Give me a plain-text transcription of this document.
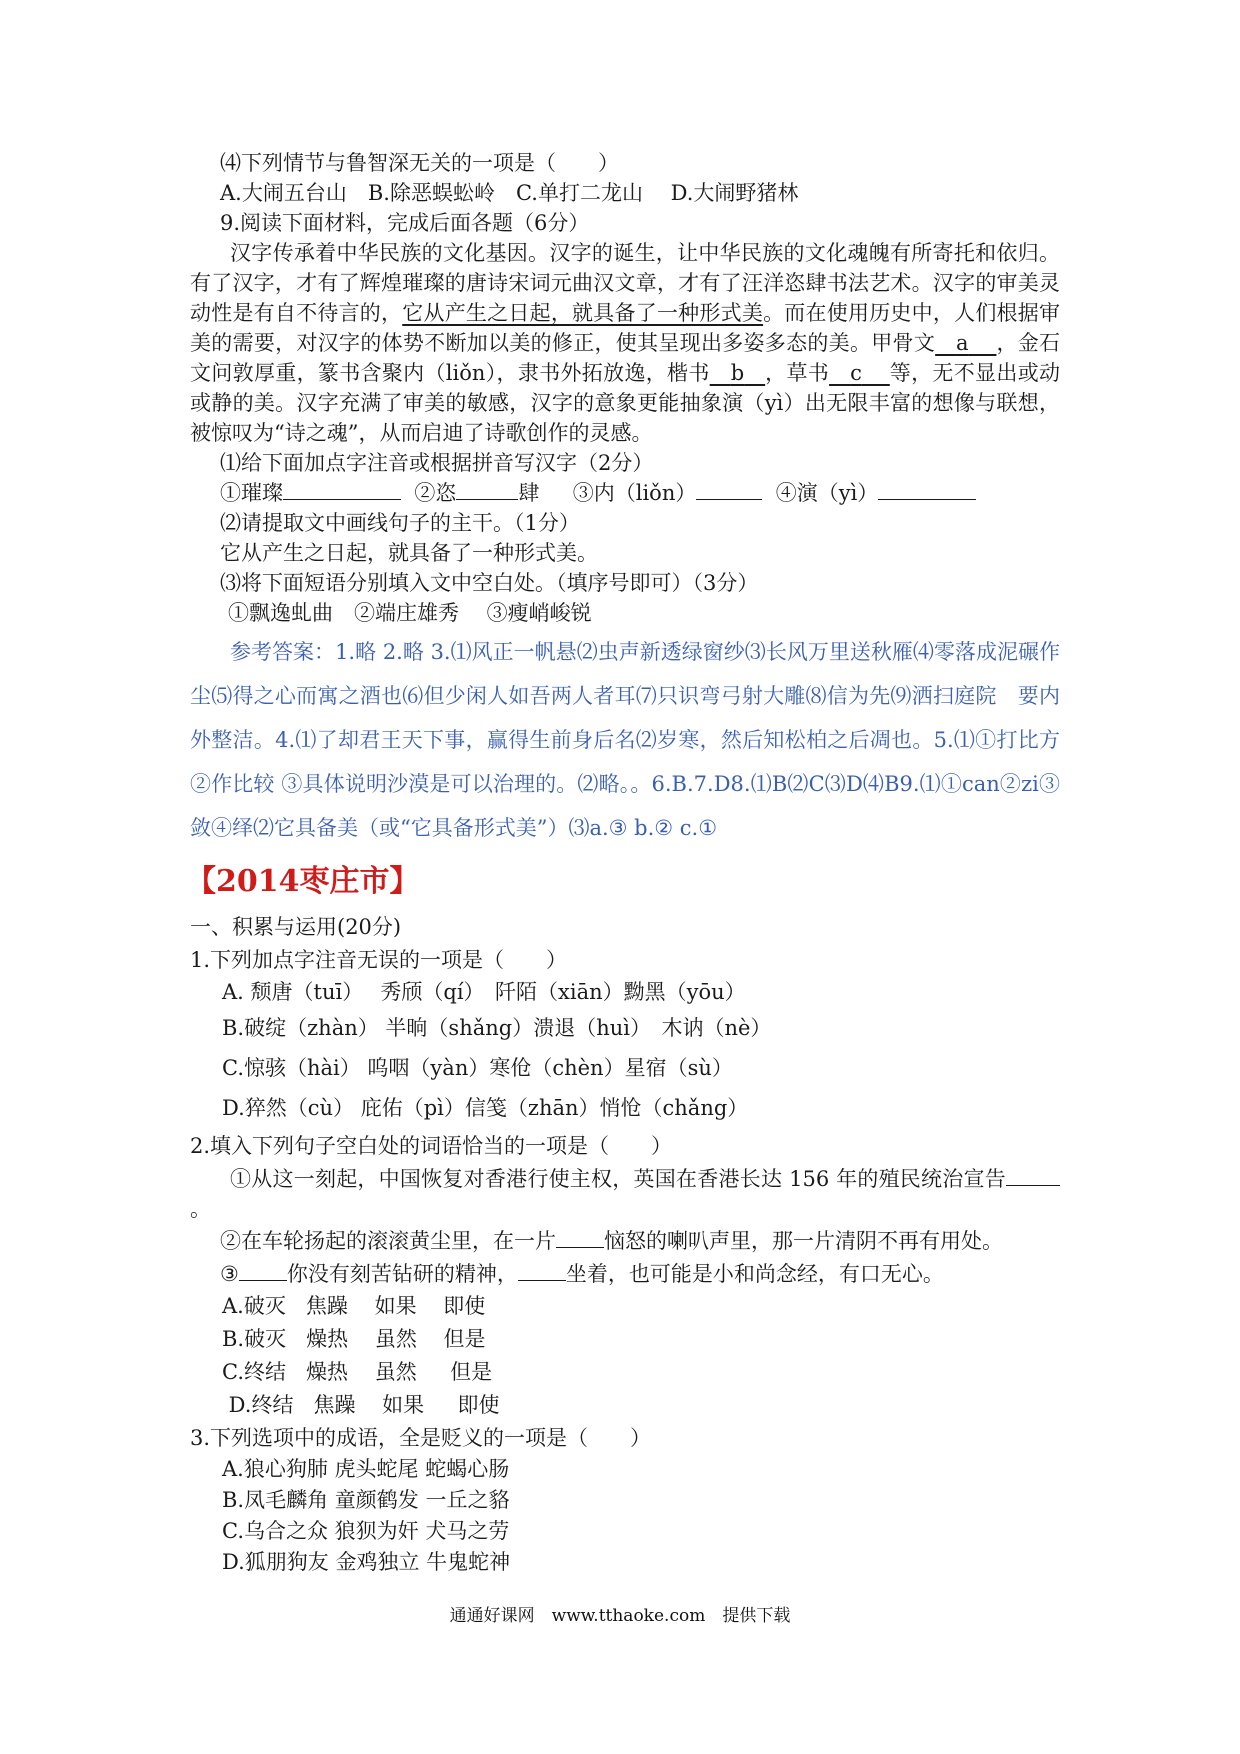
⑷下列情节与鲁智深无关的一项是（　　）
A.大闹五台山　B.除恶蜈蚣岭　C.单打二龙山　 D.大闹野猪林
9.阅读下面材料，完成后面各题（6分）
汉字传承着中华民族的文化基因。汉字的诞生，让中华民族的文化魂魄有所寄托和依归。有了汉字，才有了辉煌璀璨的唐诗宋词元曲汉文章，才有了汪洋恣肆书法艺术。汉字的审美灵动性是有自不待言的，它从产生之日起，就具备了一种形式美。而在使用历史中，人们根据审美的需要，对汉字的体势不断加以美的修正，使其呈现出多姿多态的美。甲骨文 a ，金石文问敦厚重，篆书含聚内（liǒn），隶书外拓放逸，楷书 b ，草书 c 等，无不显出或动或静的美。汉字充满了审美的敏感，汉字的意象更能抽象演（yì）出无限丰富的想像与联想，被惊叹为“诗之魂”，从而启迪了诗歌创作的灵感。
⑴给下面加点字注音或根据拼音写汉字（2分）
①璀璨	②恣	肆 ③内（liǒn）	④演（yì）
⑵请提取文中画线句子的主干。（1分）
它从产生之日起，就具备了一种形式美。
⑶将下面短语分别填入文中空白处。（填序号即可）（3分）
①飘逸虬曲　②端庄雄秀　 ③瘦峭峻锐
参考答案：1.略 2.略 3.⑴风正一帆悬⑵虫声新透绿窗纱⑶长风万里送秋雁⑷零落成泥碾作尘⑸得之心而寓之酒也⑹但少闲人如吾两人者耳⑺只识弯弓射大雕⑻信为先⑼洒扫庭院　要内外整洁。4.⑴了却君王天下事，赢得生前身后名⑵岁寒，然后知松柏之后凋也。5.⑴①打比方②作比较 ③具体说明沙漠是可以治理的。⑵略。。6.B.7.D8.⑴B⑵C⑶D⑷B9.⑴①can②zi③敛④绎⑵它具备美（或“它具备形式美”）⑶a.③ b.② c.①
【2014枣庄市】
一、积累与运用(20分)
1.下列加点字注音无误的一项是（　　）
A. 颓唐（tuī）　 秀颀（qí）　阡陌（xiān）黝黑（yōu）
B.破绽（zhàn） 半晌（shǎng）溃退（huì）　木讷（nè）
C.惊骇（hài） 呜咽（yàn）寒伧（chèn）星宿（sù）
D.猝然（cù） 庇佑（pì）信笺（zhān）悄怆（chǎng）
2.填入下列句子空白处的词语恰当的一项是（　　）
①从这一刻起，中国恢复对香港行使主权，英国在香港长达 156 年的殖民统治宣告 。
②在车轮扬起的滚滚黄尘里，在一片 恼怒的喇叭声里，那一片清阴不再有用处。
③ 你没有刻苦钻研的精神， 坐着，也可能是小和尚念经，有口无心。
A.破灭   焦躁    如果    即使
B.破灭   燥热    虽然    但是
C.终结   燥热    虽然     但是
D.终结   焦躁    如果     即使
3.下列选项中的成语，全是贬义的一项是（　　）
A.狼心狗肺 虎头蛇尾 蛇蝎心肠
B.凤毛麟角 童颜鹤发 一丘之貉
C.乌合之众 狼狈为奸 犬马之劳
D.狐朋狗友 金鸡独立 牛鬼蛇神
通通好课网　www.tthaoke.com　提供下载
